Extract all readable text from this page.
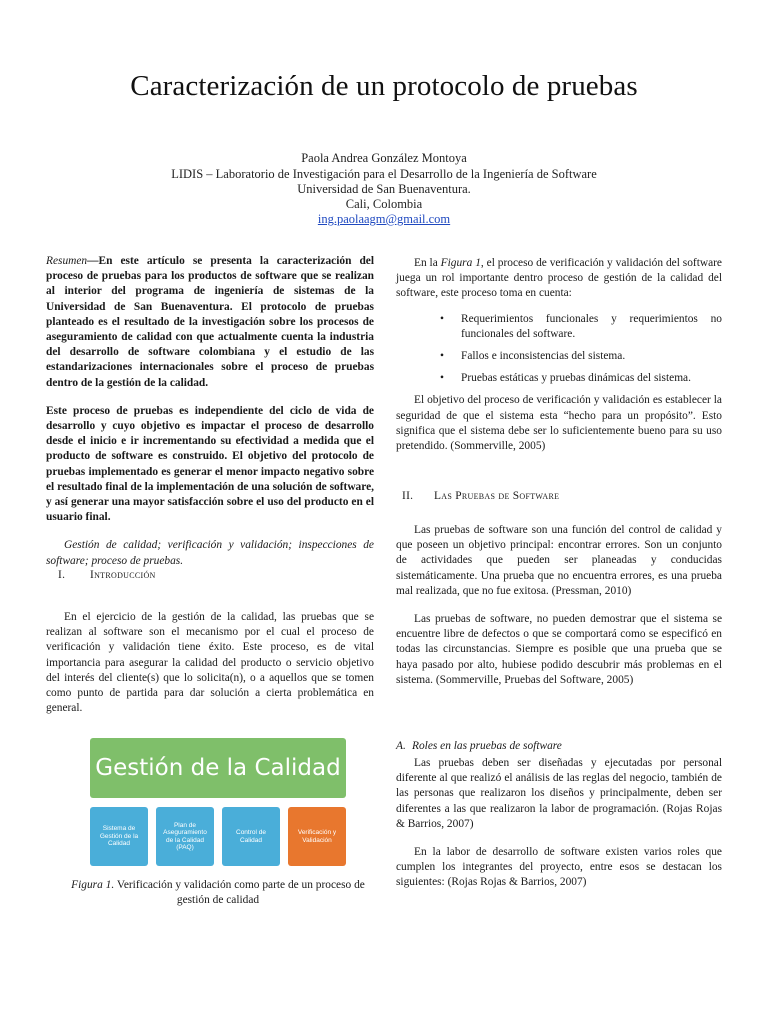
Caracterización de un protocolo de pruebas
Paola Andrea González Montoya
LIDIS – Laboratorio de Investigación para el Desarrollo de la Ingeniería de Software
Universidad de San Buenaventura.
Cali, Colombia
ing.paolaagm@gmail.com

Resumen—En este artículo se presenta la caracterización del proceso de pruebas para los productos de software que se realizan al interior del programa de ingeniería de sistemas de la Universidad de San Buenaventura. El protocolo de pruebas planteado es el resultado de la investigación sobre los procesos de aseguramiento de calidad con que actualmente cuenta la industria del desarrollo de software colombiana y el estudio de las estandarizaciones internacionales sobre el proceso de pruebas dentro de la gestión de la calidad.

Este proceso de pruebas es independiente del ciclo de vida de desarrollo y cuyo objetivo es impactar el proceso de desarrollo desde el inicio e ir incrementando su efectividad a medida que el producto de software es construido. El objetivo del protocolo de pruebas implementado es generar el menor impacto negativo sobre el resultado final de la implementación de una solución de software, y así generar una mayor satisfacción sobre el uso del producto en el usuario final.

Gestión de calidad; verificación y validación; inspecciones de software; proceso de pruebas.

I. Introducción

En el ejercicio de la gestión de la calidad, las pruebas que se realizan al software son el mecanismo por el cual el proceso de verificación y validación tiene éxito. Este proceso, es de vital importancia para asegurar la calidad del producto o servicio objetivo del interés del cliente(s) que lo solicita(n), o a aquellos que se tomen como punto de partida para dar solución a cierta problemática en general.

Gestión de la Calidad
Sistema de Gestión de la Calidad
Plan de Aseguramiento de la Calidad (PAQ)
Control de Calidad
Verificación y Validación
Figura 1. Verificación y validación como parte de un proceso de gestión de calidad

En la Figura 1, el proceso de verificación y validación del software juega un rol importante dentro proceso de gestión de la calidad del software, este proceso toma en cuenta:

• Requerimientos funcionales y requerimientos no funcionales del software.
• Fallos e inconsistencias del sistema.
• Pruebas estáticas y pruebas dinámicas del sistema.

El objetivo del proceso de verificación y validación es establecer la seguridad de que el sistema esta “hecho para un propósito”. Esto significa que el sistema debe ser lo suficientemente bueno para su uso pretendido. (Sommerville, 2005)

II. Las Pruebas de Software

Las pruebas de software son una función del control de calidad y que poseen un objetivo principal: encontrar errores. Son un conjunto de actividades que pueden ser planeadas y conducidas sistemáticamente. Una prueba que no encuentra errores, es una prueba mal realizada, que no fue exitosa. (Pressman, 2010)

Las pruebas de software, no pueden demostrar que el sistema se encuentre libre de defectos o que se comportará como se especificó en todas las circunstancias. Siempre es posible que una prueba que se haya pasado por alto, hubiese podido descubrir más problemas en el sistema. (Sommerville, Pruebas del Software, 2005)

A. Roles en las pruebas de software

Las pruebas deben ser diseñadas y ejecutadas por personal diferente al que realizó el análisis de las reglas del negocio, también de las personas que realizaron los diseños y principalmente, deben ser diferentes a las que realizaron la labor de programación. (Rojas Rojas & Barrios, 2007)

En la labor de desarrollo de software existen varios roles que cumplen los integrantes del proyecto, entre esos se destacan los siguientes: (Rojas Rojas & Barrios, 2007)
